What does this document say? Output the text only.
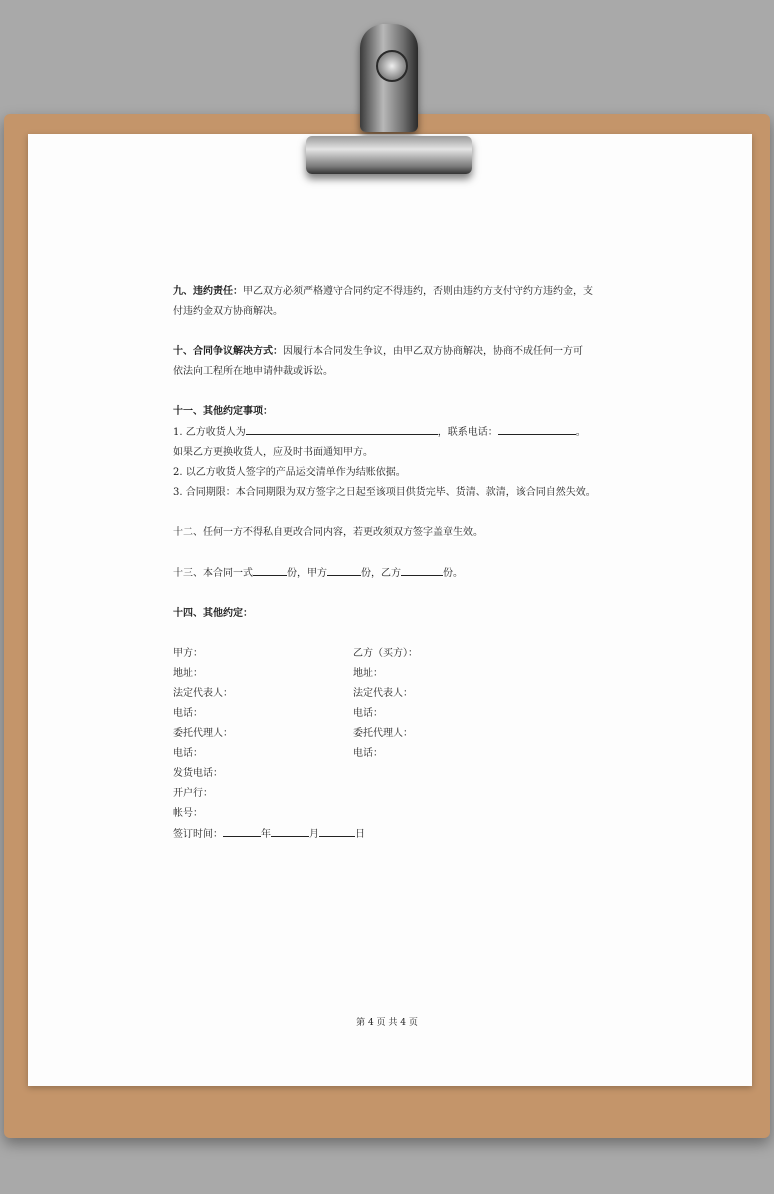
九、违约责任：甲乙双方必须严格遵守合同约定不得违约，否则由违约方支付守约方违约金，支

付违约金双方协商解决。

十、合同争议解决方式：因履行本合同发生争议，由甲乙双方协商解决，协商不成任何一方可

依法向工程所在地申请仲裁或诉讼。

十一、其他约定事项：

1. 乙方收货人为	，联系电话：	。

如果乙方更换收货人，应及时书面通知甲方。

2. 以乙方收货人签字的产品运交清单作为结账依据。

3. 合同期限：本合同期限为双方签字之日起至该项目供货完毕、货清、款清，该合同自然失效。

十二、任何一方不得私自更改合同内容，若更改须双方签字盖章生效。

十三、本合同一式	份，甲方	份，乙方	份。

十四、其他约定：

甲方：	乙方（买方）：
地址：	地址：
法定代表人：	法定代表人：
电话：	电话：
委托代理人：	委托代理人：
电话：	电话：

发货电话：

开户行：

帐号：

签订时间：	年	月	日

第 4 页 共 4 页
